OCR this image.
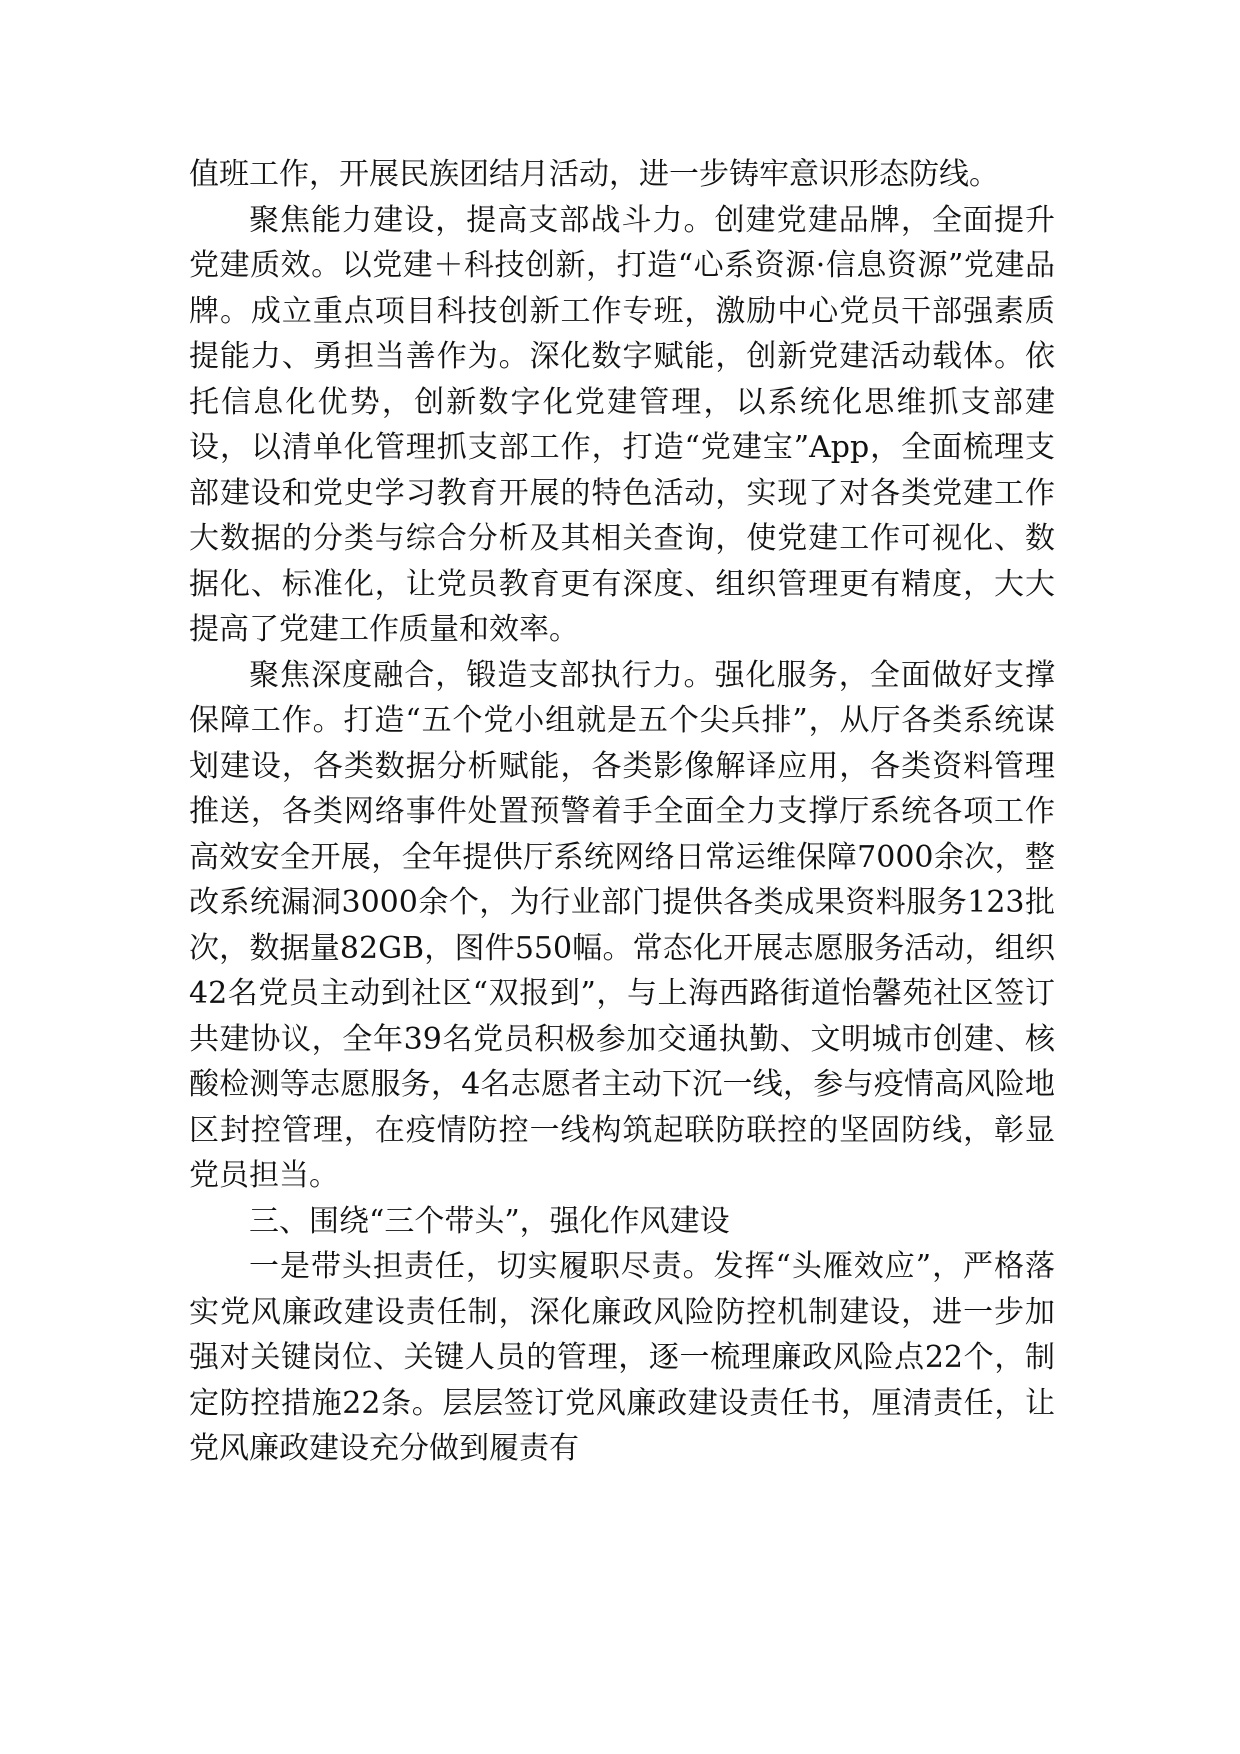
值班工作，开展民族团结月活动，进一步铸牢意识形态防线。

聚焦能力建设，提高支部战斗力。创建党建品牌，全面提升党建质效。以党建＋科技创新，打造“心系资源·信息资源”党建品牌。成立重点项目科技创新工作专班，激励中心党员干部强素质提能力、勇担当善作为。深化数字赋能，创新党建活动载体。依托信息化优势，创新数字化党建管理，以系统化思维抓支部建设，以清单化管理抓支部工作，打造“党建宝”App，全面梳理支部建设和党史学习教育开展的特色活动，实现了对各类党建工作大数据的分类与综合分析及其相关查询，使党建工作可视化、数据化、标准化，让党员教育更有深度、组织管理更有精度，大大提高了党建工作质量和效率。

聚焦深度融合，锻造支部执行力。强化服务，全面做好支撑保障工作。打造“五个党小组就是五个尖兵排”，从厅各类系统谋划建设，各类数据分析赋能，各类影像解译应用，各类资料管理推送，各类网络事件处置预警着手全面全力支撑厅系统各项工作高效安全开展，全年提供厅系统网络日常运维保障7000余次，整改系统漏洞3000余个，为行业部门提供各类成果资料服务123批次，数据量82GB，图件550幅。常态化开展志愿服务活动，组织42名党员主动到社区“双报到”，与上海西路街道怡馨苑社区签订共建协议，全年39名党员积极参加交通执勤、文明城市创建、核酸检测等志愿服务，4名志愿者主动下沉一线，参与疫情高风险地区封控管理，在疫情防控一线构筑起联防联控的坚固防线，彰显党员担当。

三、围绕“三个带头”，强化作风建设

一是带头担责任，切实履职尽责。发挥“头雁效应”，严格落实党风廉政建设责任制，深化廉政风险防控机制建设，进一步加强对关键岗位、关键人员的管理，逐一梳理廉政风险点22个，制定防控措施22条。层层签订党风廉政建设责任书，厘清责任，让党风廉政建设充分做到履责有
